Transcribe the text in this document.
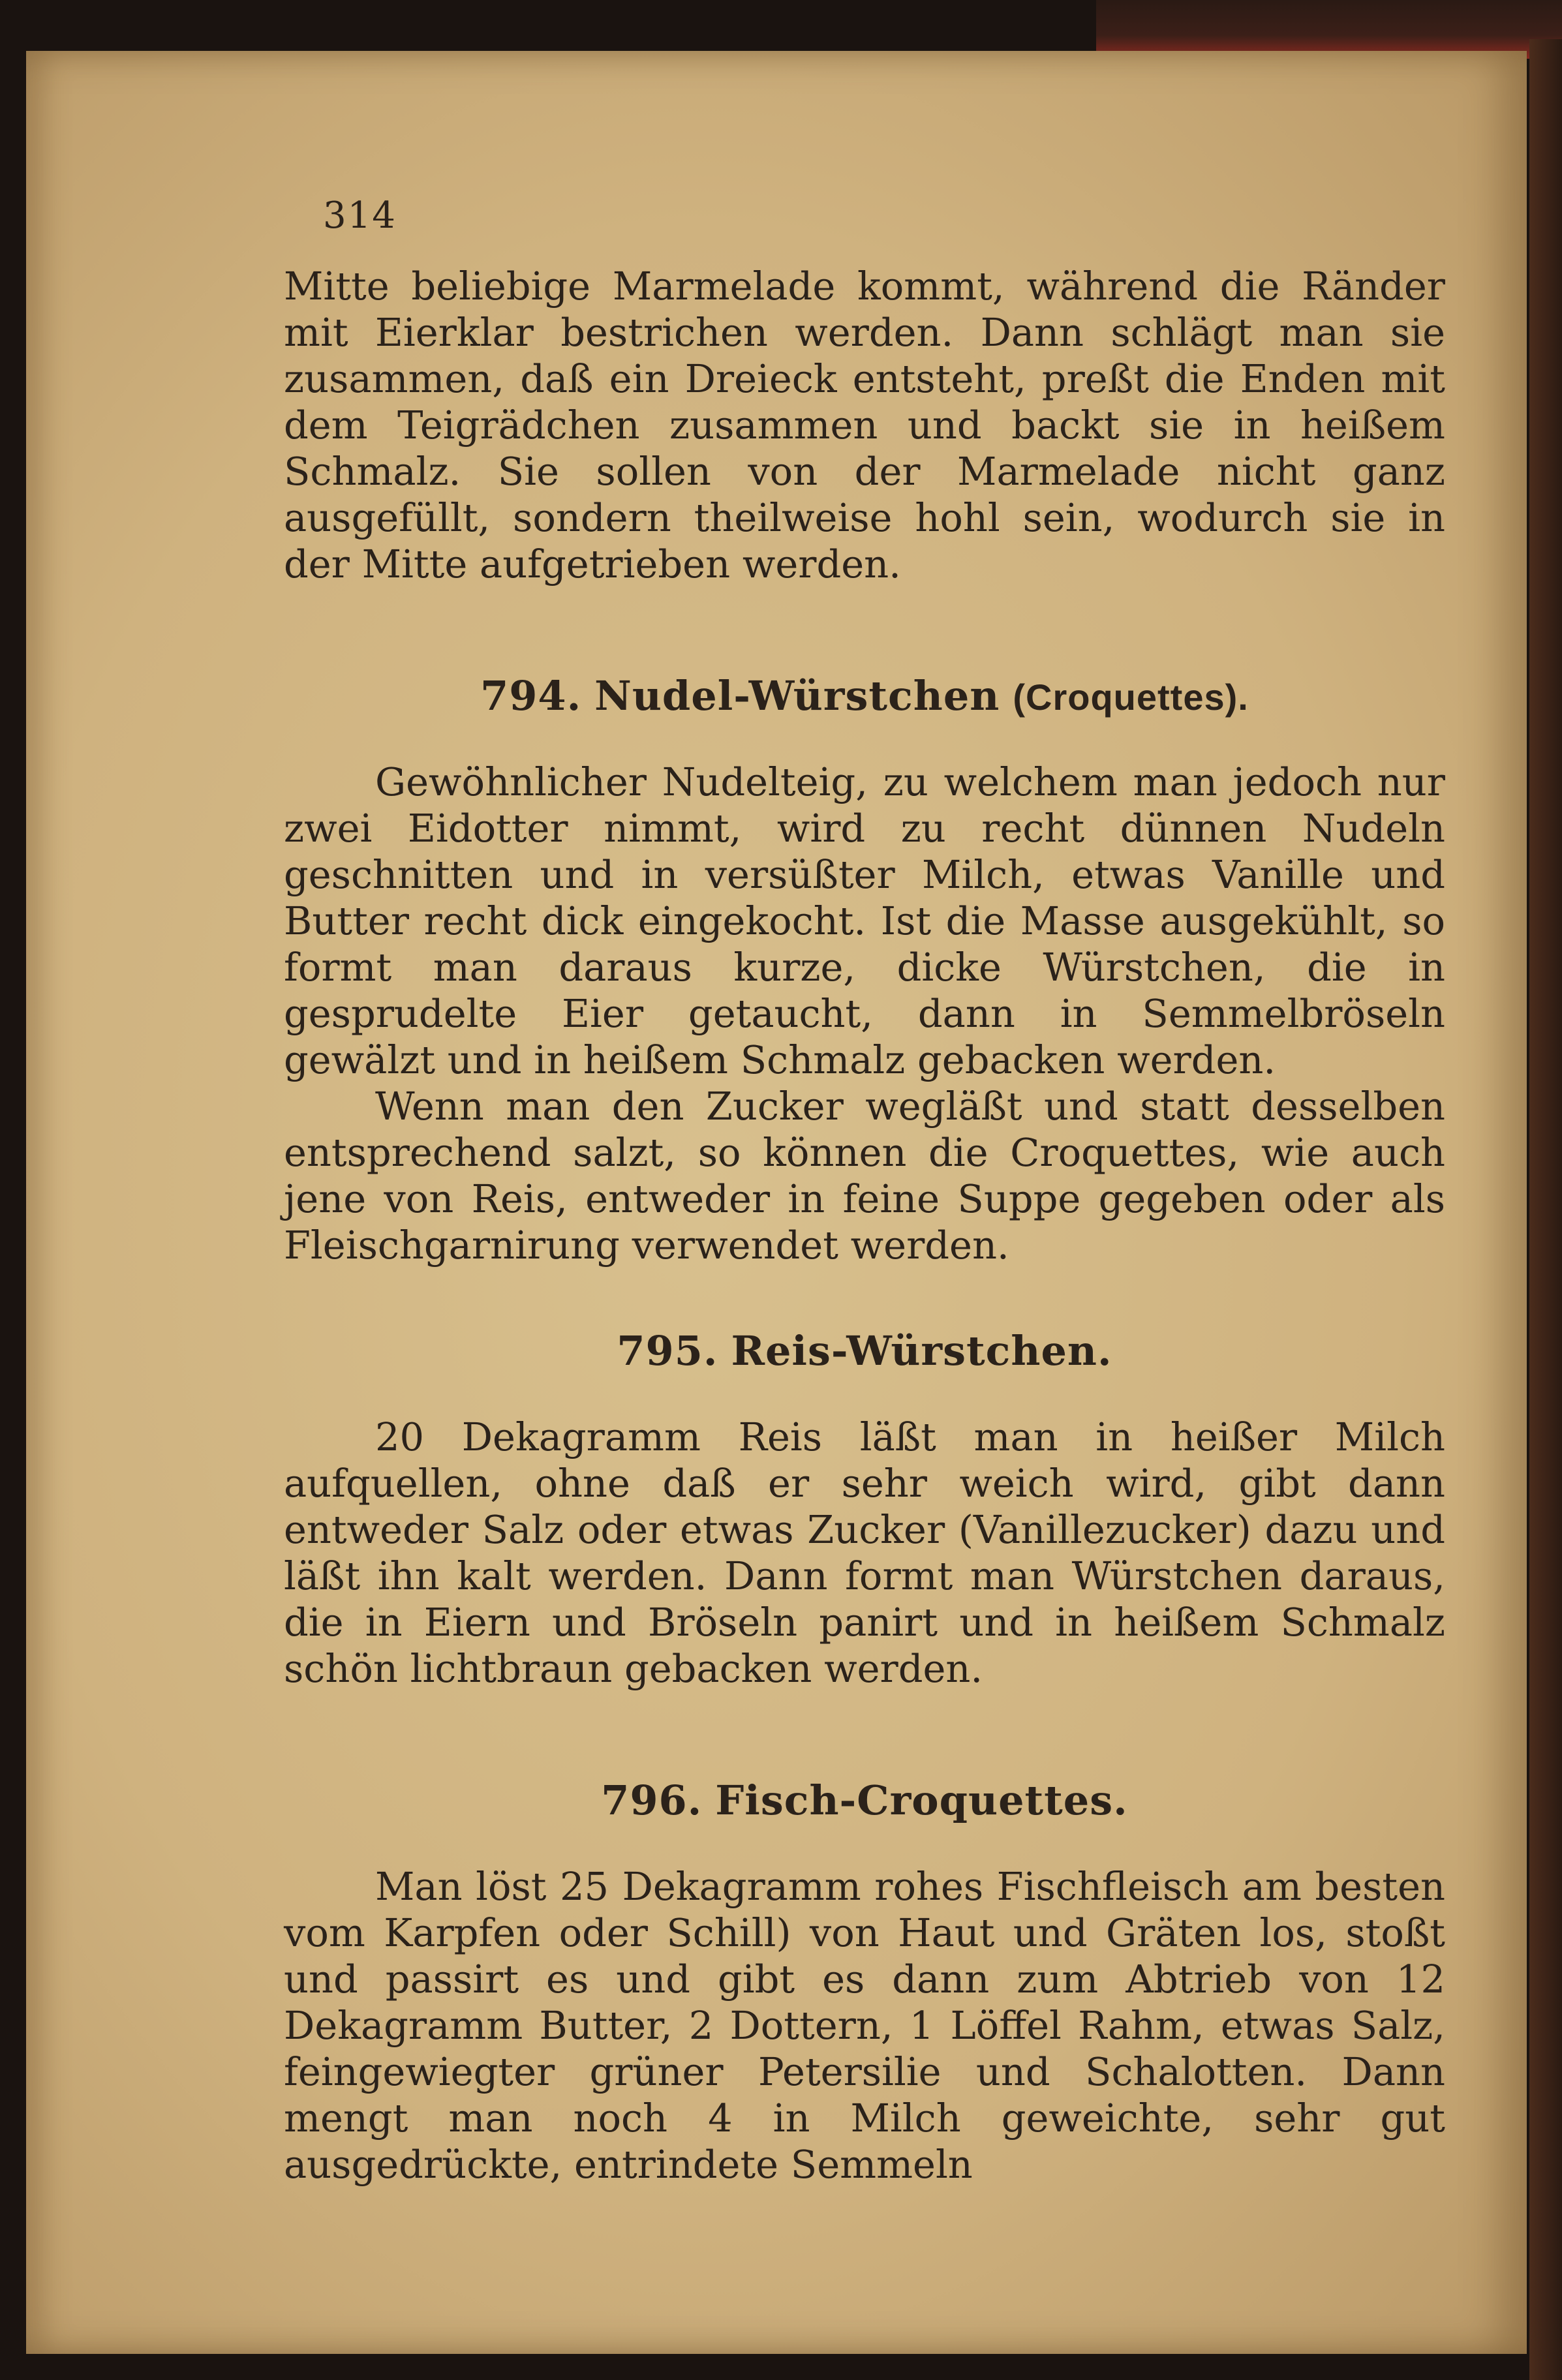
314

Mitte beliebige Marmelade kommt, während die Ränder mit Eierklar bestrichen werden. Dann schlägt man sie zusammen, daß ein Dreieck entsteht, preßt die Enden mit dem Teigrädchen zusammen und backt sie in heißem Schmalz. Sie sollen von der Marmelade nicht ganz ausgefüllt, sondern theilweise hohl sein, wodurch sie in der Mitte aufgetrieben werden.

794. Nudel-Würstchen (Croquettes).

Gewöhnlicher Nudelteig, zu welchem man jedoch nur zwei Eidotter nimmt, wird zu recht dünnen Nudeln geschnitten und in versüßter Milch, etwas Vanille und Butter recht dick eingekocht. Ist die Masse ausgekühlt, so formt man daraus kurze, dicke Würstchen, die in gesprudelte Eier getaucht, dann in Semmelbröseln gewälzt und in heißem Schmalz gebacken werden.

Wenn man den Zucker wegläßt und statt desselben entsprechend salzt, so können die Croquettes, wie auch jene von Reis, entweder in feine Suppe gegeben oder als Fleischgarnirung verwendet werden.

795. Reis-Würstchen.

20 Dekagramm Reis läßt man in heißer Milch aufquellen, ohne daß er sehr weich wird, gibt dann entweder Salz oder etwas Zucker (Vanillezucker) dazu und läßt ihn kalt werden. Dann formt man Würstchen daraus, die in Eiern und Bröseln panirt und in heißem Schmalz schön lichtbraun gebacken werden.

796. Fisch-Croquettes.

Man löst 25 Dekagramm rohes Fischfleisch am besten vom Karpfen oder Schill) von Haut und Gräten los, stoßt und passirt es und gibt es dann zum Abtrieb von 12 Dekagramm Butter, 2 Dottern, 1 Löffel Rahm, etwas Salz, feingewiegter grüner Petersilie und Schalotten. Dann mengt man noch 4 in Milch geweichte, sehr gut ausgedrückte, entrindete Semmeln
